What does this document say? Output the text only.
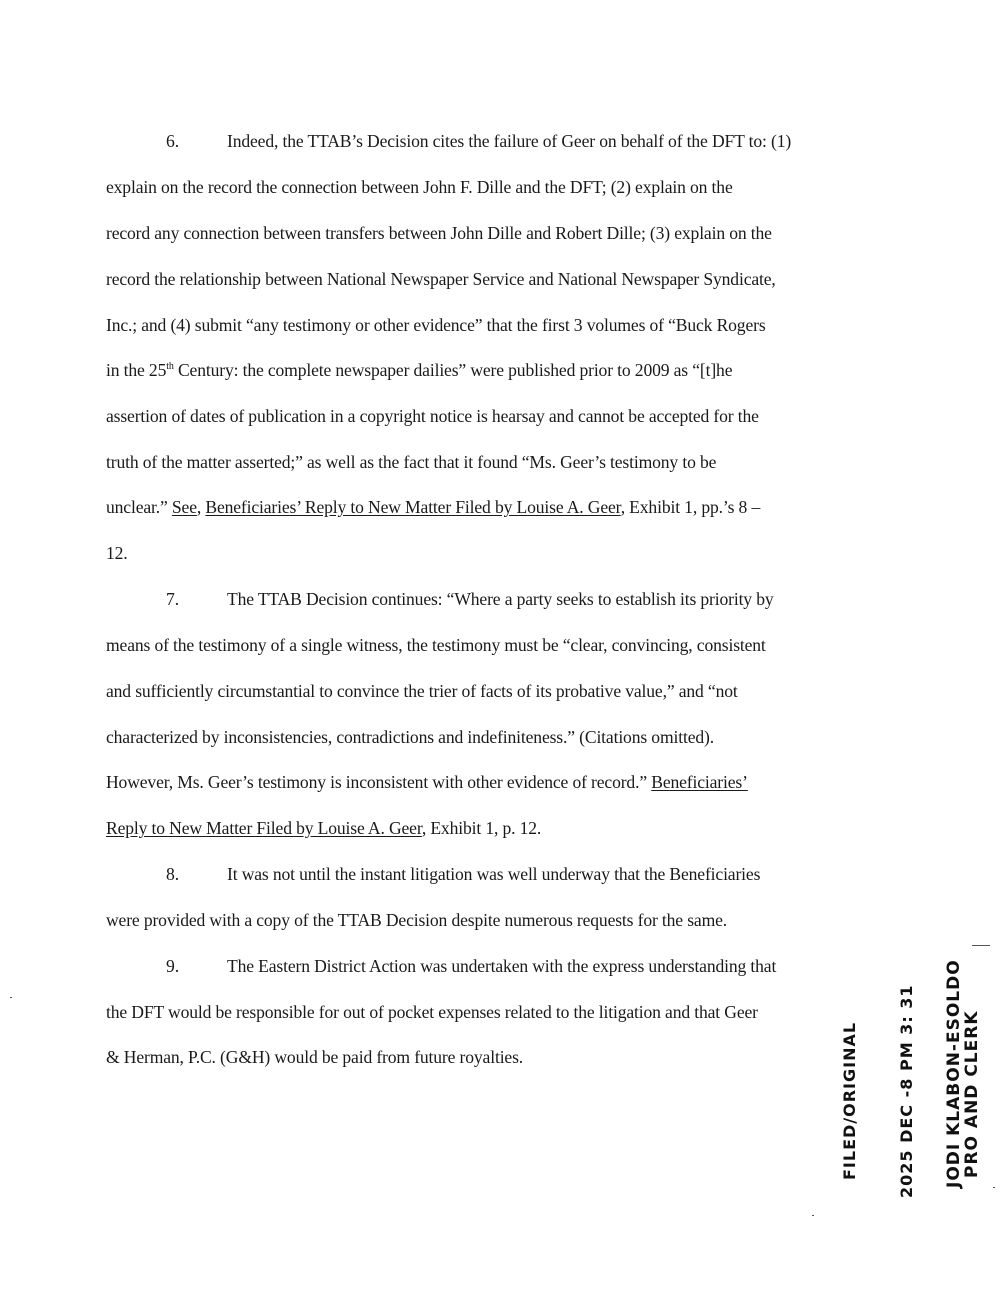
6.	Indeed, the TTAB’s Decision cites the failure of Geer on behalf of the DFT to: (1)
explain on the record the connection between John F. Dille and the DFT; (2) explain on the
record any connection between transfers between John Dille and Robert Dille; (3) explain on the
record the relationship between National Newspaper Service and National Newspaper Syndicate,
Inc.; and (4) submit “any testimony or other evidence” that the first 3 volumes of “Buck Rogers
in the 25th Century: the complete newspaper dailies” were published prior to 2009 as “[t]he
assertion of dates of publication in a copyright notice is hearsay and cannot be accepted for the
truth of the matter asserted;” as well as the fact that it found “Ms. Geer’s testimony to be
unclear.” See, Beneficiaries’ Reply to New Matter Filed by Louise A. Geer, Exhibit 1, pp.’s 8 –
12.
7.	The TTAB Decision continues: “Where a party seeks to establish its priority by
means of the testimony of a single witness, the testimony must be “clear, convincing, consistent
and sufficiently circumstantial to convince the trier of facts of its probative value,” and “not
characterized by inconsistencies, contradictions and indefiniteness.” (Citations omitted).
However, Ms. Geer’s testimony is inconsistent with other evidence of record.” Beneficiaries’
Reply to New Matter Filed by Louise A. Geer, Exhibit 1, p. 12.
8.	It was not until the instant litigation was well underway that the Beneficiaries
were provided with a copy of the TTAB Decision despite numerous requests for the same.
9.	The Eastern District Action was undertaken with the express understanding that
the DFT would be responsible for out of pocket expenses related to the litigation and that Geer
& Herman, P.C. (G&H) would be paid from future royalties.	FILED/ORIGINAL 2025 DEC -8 PM 3: 31 JODI KLABON-ESOLDO
PRO AND CLERK
